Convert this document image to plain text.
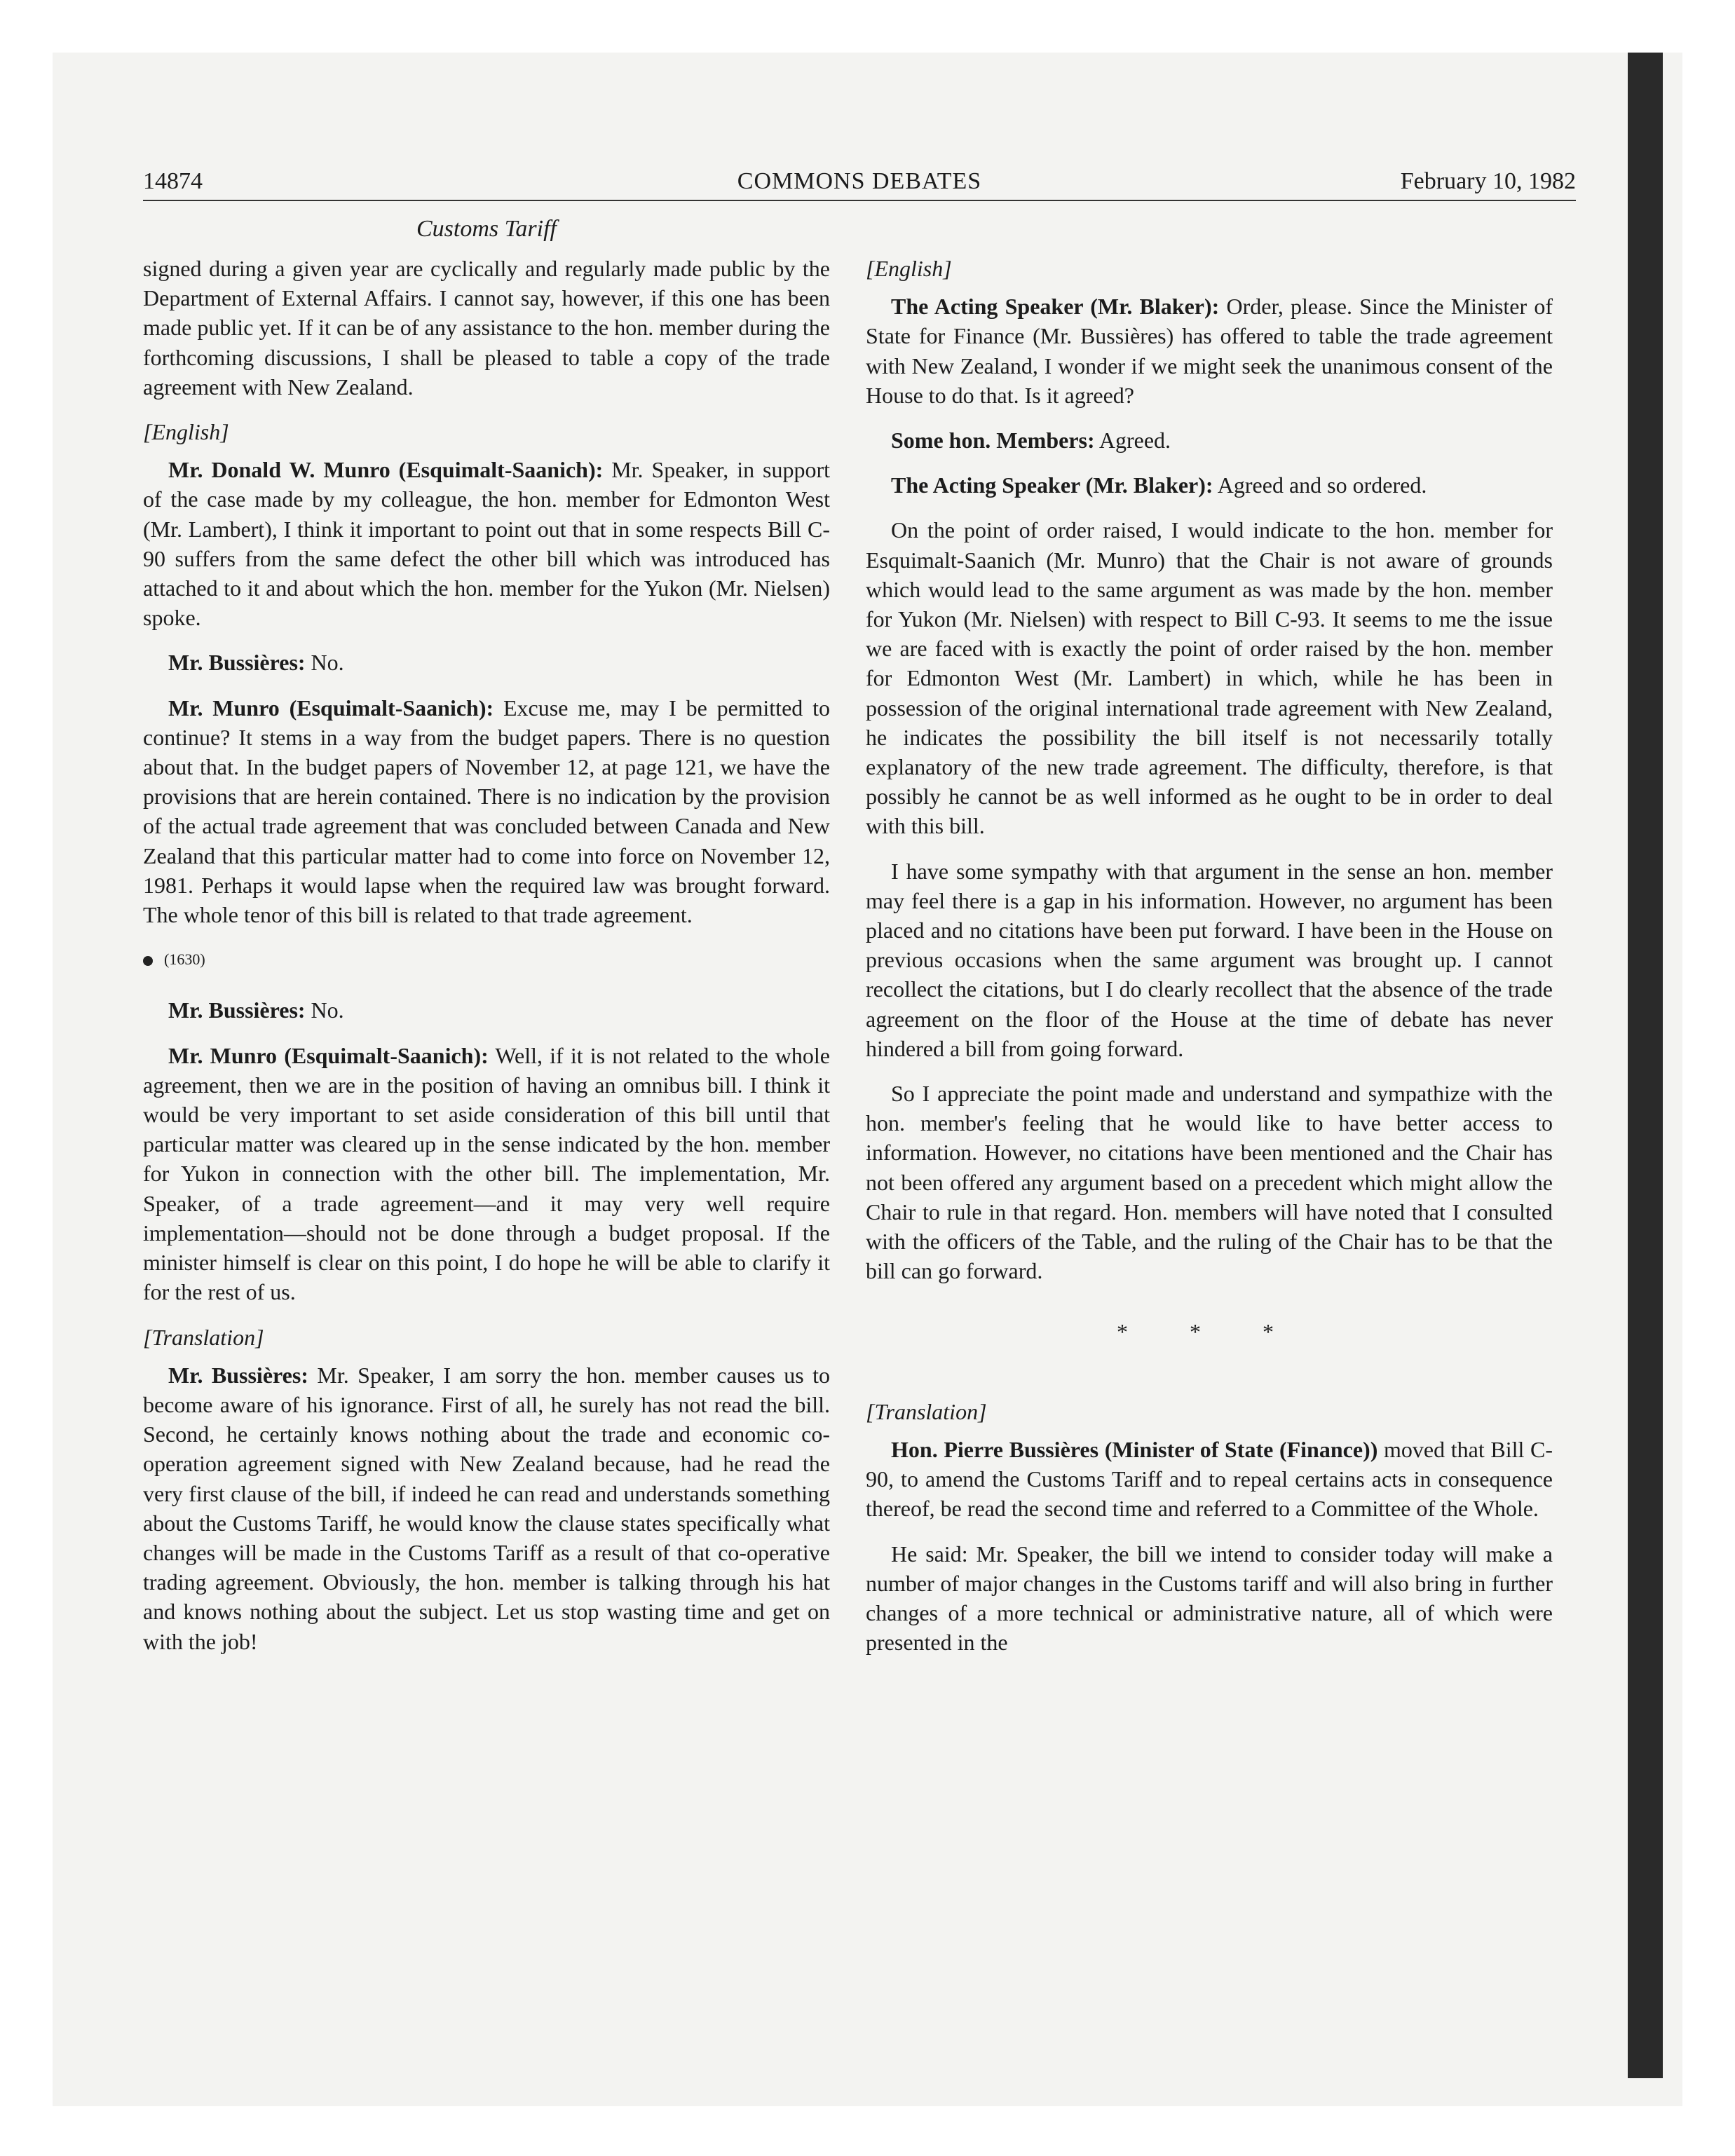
14874	COMMONS DEBATES	February 10, 1982
Customs Tariff

signed during a given year are cyclically and regularly made public by the Department of External Affairs. I cannot say, however, if this one has been made public yet. If it can be of any assistance to the hon. member during the forthcoming discussions, I shall be pleased to table a copy of the trade agreement with New Zealand.

[English]

Mr. Donald W. Munro (Esquimalt-Saanich): Mr. Speaker, in support of the case made by my colleague, the hon. member for Edmonton West (Mr. Lambert), I think it important to point out that in some respects Bill C-90 suffers from the same defect the other bill which was introduced has attached to it and about which the hon. member for the Yukon (Mr. Nielsen) spoke.

Mr. Bussières: No.

Mr. Munro (Esquimalt-Saanich): Excuse me, may I be permitted to continue? It stems in a way from the budget papers. There is no question about that. In the budget papers of November 12, at page 121, we have the provisions that are herein contained. There is no indication by the provision of the actual trade agreement that was concluded between Canada and New Zealand that this particular matter had to come into force on November 12, 1981. Perhaps it would lapse when the required law was brought forward. The whole tenor of this bill is related to that trade agreement.

(1630)

Mr. Bussières: No.

Mr. Munro (Esquimalt-Saanich): Well, if it is not related to the whole agreement, then we are in the position of having an omnibus bill. I think it would be very important to set aside consideration of this bill until that particular matter was cleared up in the sense indicated by the hon. member for Yukon in connection with the other bill. The implementation, Mr. Speaker, of a trade agreement—and it may very well require implementation—should not be done through a budget proposal. If the minister himself is clear on this point, I do hope he will be able to clarify it for the rest of us.

[Translation]

Mr. Bussières: Mr. Speaker, I am sorry the hon. member causes us to become aware of his ignorance. First of all, he surely has not read the bill. Second, he certainly knows nothing about the trade and economic co-operation agreement signed with New Zealand because, had he read the very first clause of the bill, if indeed he can read and understands something about the Customs Tariff, he would know the clause states specifically what changes will be made in the Customs Tariff as a result of that co-operative trading agreement. Obviously, the hon. member is talking through his hat and knows nothing about the subject. Let us stop wasting time and get on with the job!

[English]

The Acting Speaker (Mr. Blaker): Order, please. Since the Minister of State for Finance (Mr. Bussières) has offered to table the trade agreement with New Zealand, I wonder if we might seek the unanimous consent of the House to do that. Is it agreed?

Some hon. Members: Agreed.

The Acting Speaker (Mr. Blaker): Agreed and so ordered.

On the point of order raised, I would indicate to the hon. member for Esquimalt-Saanich (Mr. Munro) that the Chair is not aware of grounds which would lead to the same argument as was made by the hon. member for Yukon (Mr. Nielsen) with respect to Bill C-93. It seems to me the issue we are faced with is exactly the point of order raised by the hon. member for Edmonton West (Mr. Lambert) in which, while he has been in possession of the original international trade agreement with New Zealand, he indicates the possibility the bill itself is not necessarily totally explanatory of the new trade agreement. The difficulty, therefore, is that possibly he cannot be as well informed as he ought to be in order to deal with this bill.

I have some sympathy with that argument in the sense an hon. member may feel there is a gap in his information. However, no argument has been placed and no citations have been put forward. I have been in the House on previous occasions when the same argument was brought up. I cannot recollect the citations, but I do clearly recollect that the absence of the trade agreement on the floor of the House at the time of debate has never hindered a bill from going forward.

So I appreciate the point made and understand and sympathize with the hon. member's feeling that he would like to have better access to information. However, no citations have been mentioned and the Chair has not been offered any argument based on a precedent which might allow the Chair to rule in that regard. Hon. members will have noted that I consulted with the officers of the Table, and the ruling of the Chair has to be that the bill can go forward.

* * *
[Translation]

Hon. Pierre Bussières (Minister of State (Finance)) moved that Bill C-90, to amend the Customs Tariff and to repeal certains acts in consequence thereof, be read the second time and referred to a Committee of the Whole.

He said: Mr. Speaker, the bill we intend to consider today will make a number of major changes in the Customs tariff and will also bring in further changes of a more technical or administrative nature, all of which were presented in the
